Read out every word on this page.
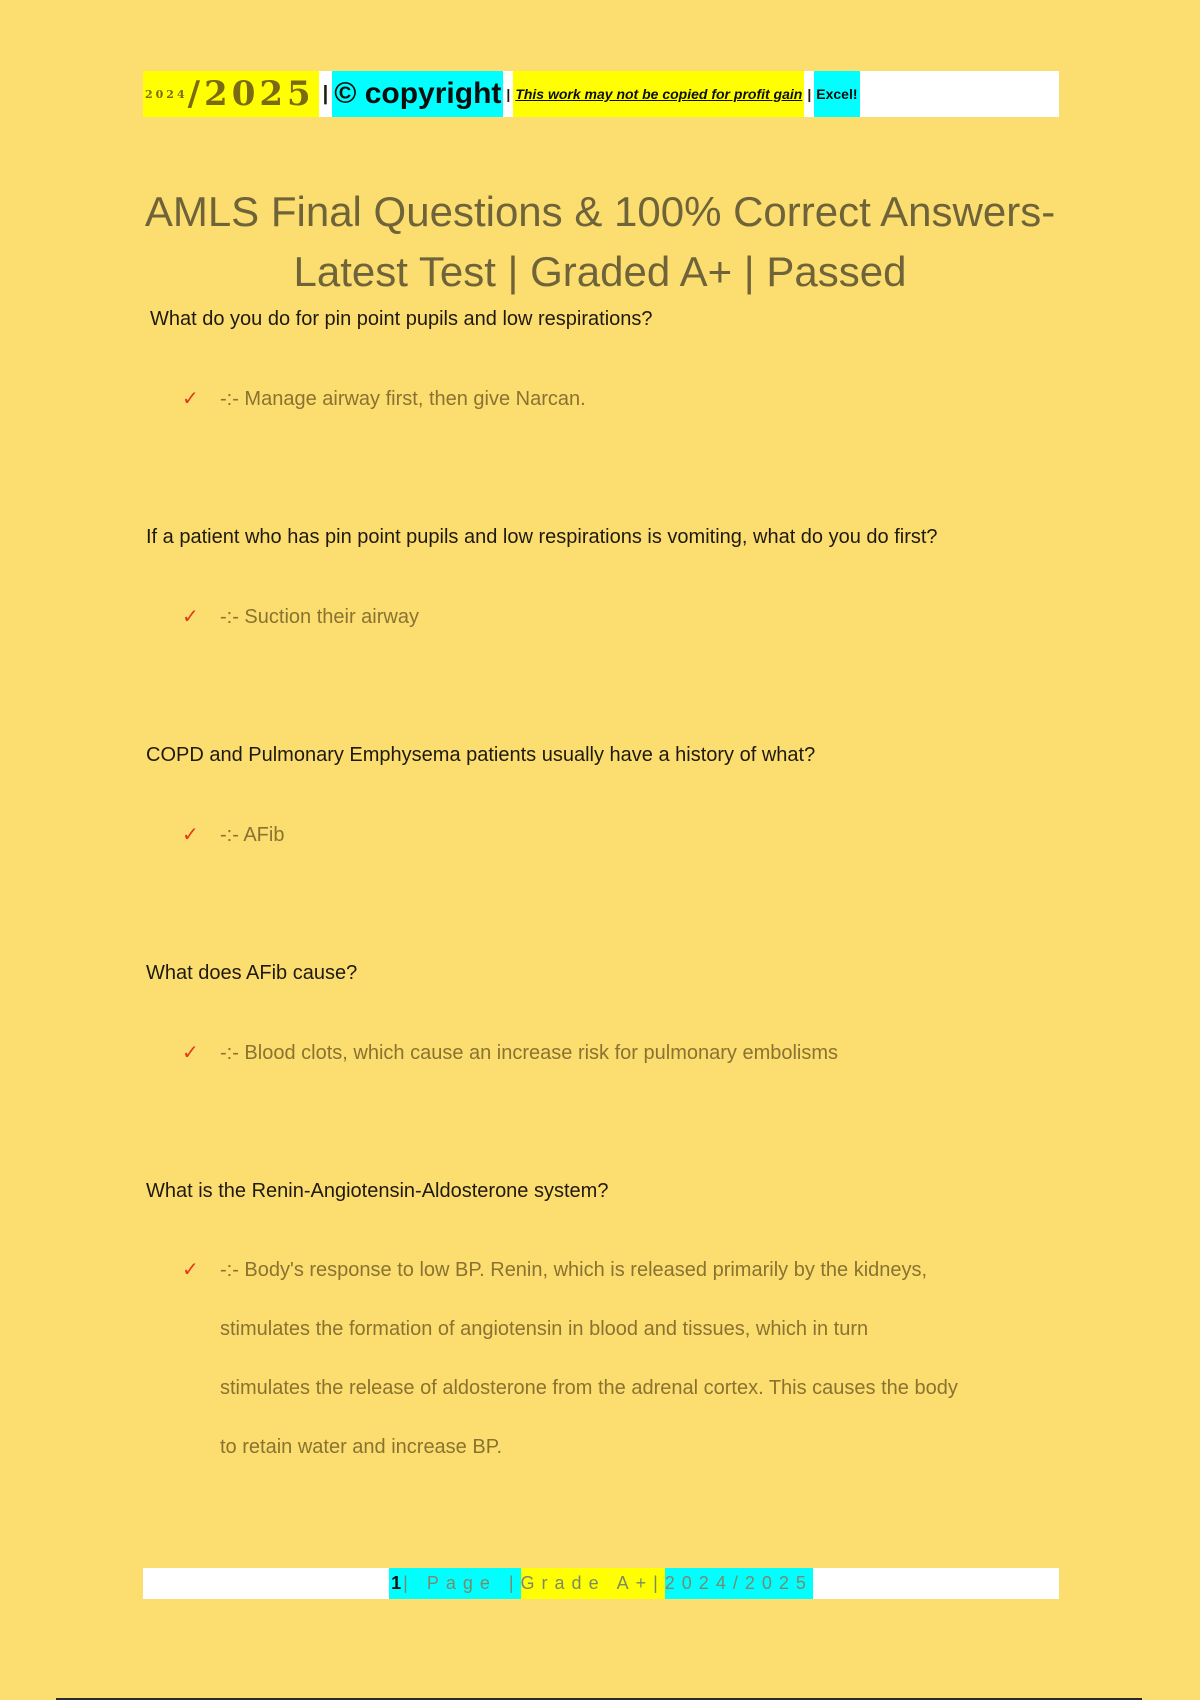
2024 /2025 | © copyright | This work may not be copied for profit gain | Excel!
AMLS Final Questions & 100% Correct Answers- Latest Test | Graded A+ | Passed
What do you do for pin point pupils and low respirations?
✓ -:- Manage airway first, then give Narcan.
If a patient who has pin point pupils and low respirations is vomiting, what do you do first?
✓ -:- Suction their airway
COPD and Pulmonary Emphysema patients usually have a history of what?
✓ -:- AFib
What does AFib cause?
✓ -:- Blood clots, which cause an increase risk for pulmonary embolisms
What is the Renin-Angiotensin-Aldosterone system?
✓ -:- Body's response to low BP. Renin, which is released primarily by the kidneys,
stimulates the formation of angiotensin in blood and tissues, which in turn
stimulates the release of aldosterone from the adrenal cortex. This causes the body
to retain water and increase BP.
1 | Page | Grade A+| 2024/2025
